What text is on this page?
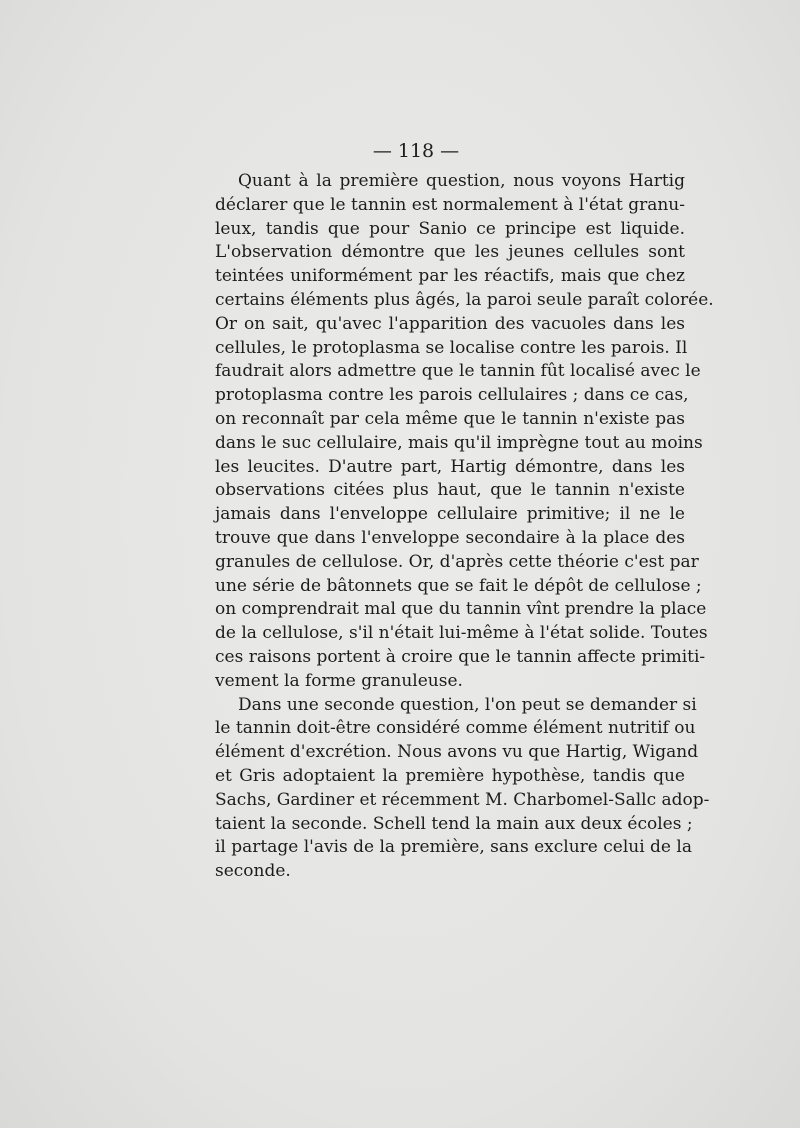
— 118 —
Quant à la première question, nous voyons Hartig
déclarer que le tannin est normalement à l'état granu-
leux, tandis que pour Sanio ce principe est liquide.
L'observation démontre que les jeunes cellules sont
teintées uniformément par les réactifs, mais que chez
certains éléments plus âgés, la paroi seule paraît colorée.
Or on sait, qu'avec l'apparition des vacuoles dans les
cellules, le protoplasma se localise contre les parois. Il
faudrait alors admettre que le tannin fût localisé avec le
protoplasma contre les parois cellulaires ; dans ce cas,
on reconnaît par cela même que le tannin n'existe pas
dans le suc cellulaire, mais qu'il imprègne tout au moins
les leucites. D'autre part, Hartig démontre, dans les
observations citées plus haut, que le tannin n'existe
jamais dans l'enveloppe cellulaire primitive; il ne le
trouve que dans l'enveloppe secondaire à la place des
granules de cellulose. Or, d'après cette théorie c'est par
une série de bâtonnets que se fait le dépôt de cellulose ;
on comprendrait mal que du tannin vînt prendre la place
de la cellulose, s'il n'était lui-même à l'état solide. Toutes
ces raisons portent à croire que le tannin affecte primiti-
vement la forme granuleuse.
Dans une seconde question, l'on peut se demander si
le tannin doit-être considéré comme élément nutritif ou
élément d'excrétion. Nous avons vu que Hartig, Wigand
et Gris adoptaient la première hypothèse, tandis que
Sachs, Gardiner et récemment M. Charbomel-Sallc adop-
taient la seconde. Schell tend la main aux deux écoles ;
il partage l'avis de la première, sans exclure celui de la
seconde.
